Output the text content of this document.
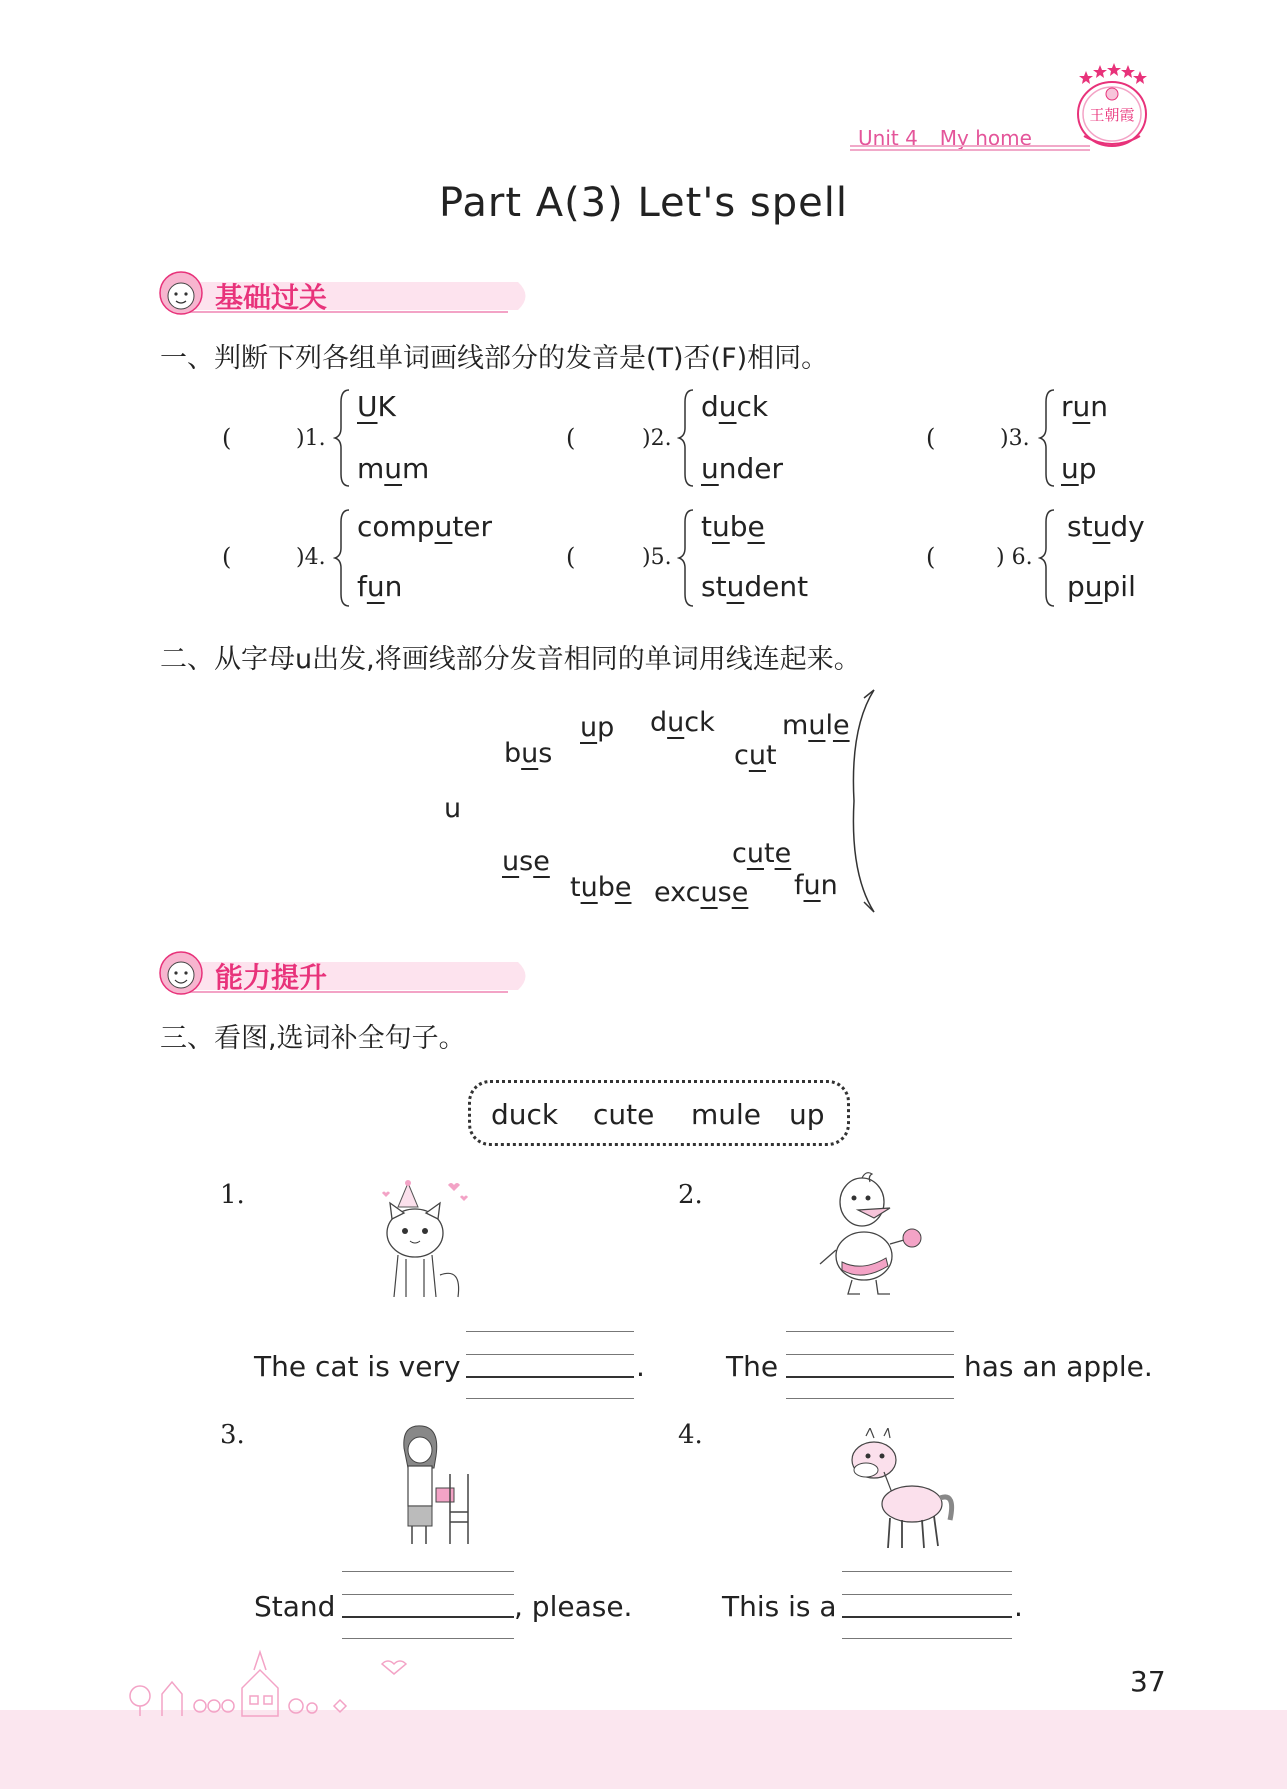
Unit 4 My home
王朝霞
Part A(3) Let's spell
基础过关
一、判断下列各组单词画线部分的发音是(T)否(F)相同。
(	)1.
UK
mum
(	)2.
duck
under
(	)3.
run
up
(	)4.
computer
fun
(	)5.
tube
student
(	) 6.
study
pupil
二、从字母u出发,将画线部分发音相同的单词用线连起来。
u
up duck mule
bus	cut
use	cute
tube excuse fun
能力提升
三、看图,选词补全句子。
duck cute mule up
1.
The cat is very	.
2.
The	has an apple.
3.
Stand	, please.
4.
This is a	.
37
